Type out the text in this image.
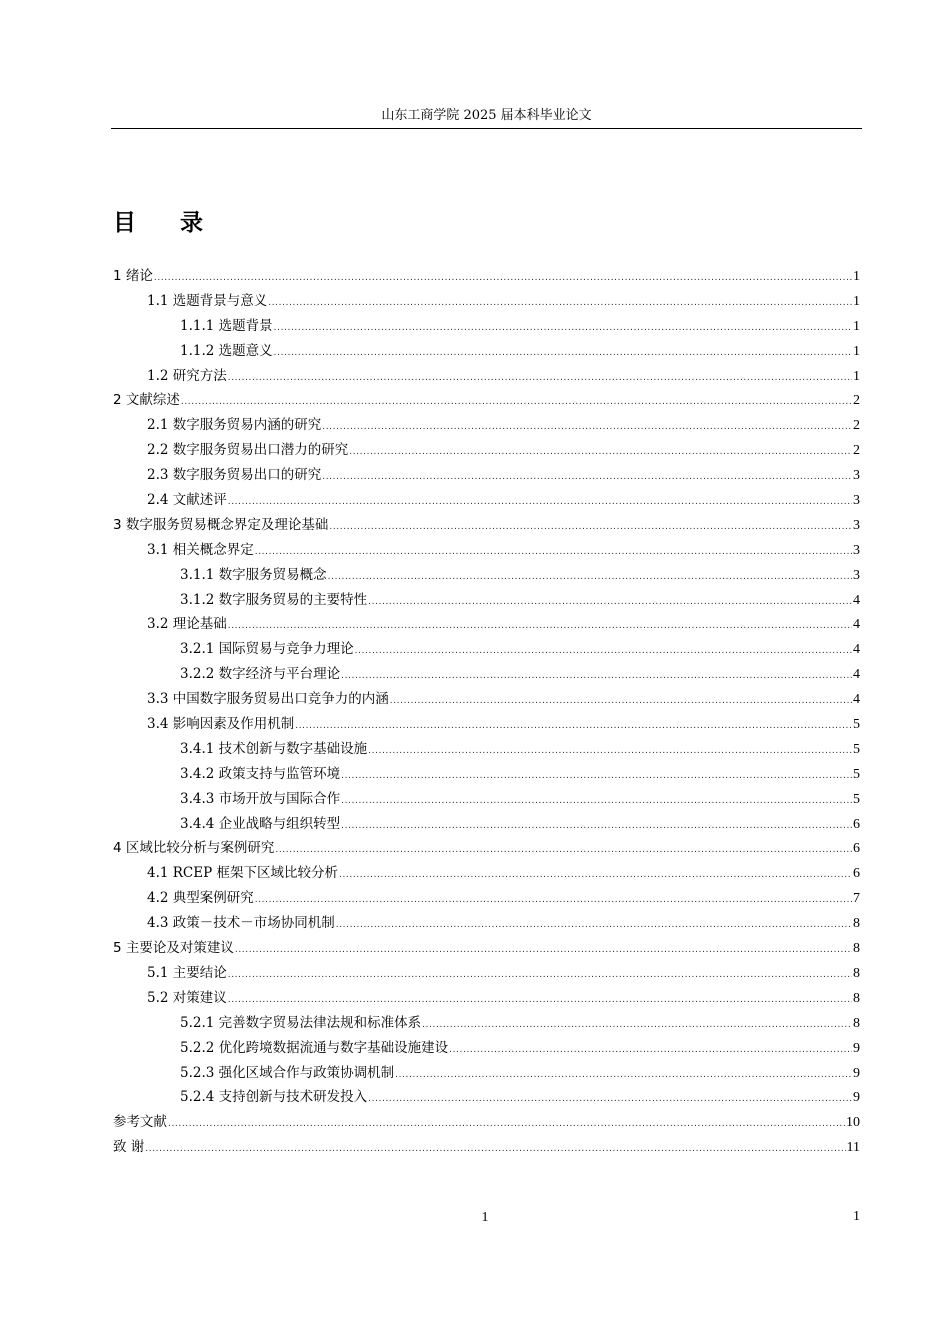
山东工商学院 2025 届本科毕业论文
目 录
1 绪论 .....	1
1.1 选题背景与意义 .....	1
1.1.1 选题背景 .....	1
1.1.2 选题意义 .....	1
1.2 研究方法 .....	1
2 文献综述 .....	2
2.1 数字服务贸易内涵的研究 .....	2
2.2 数字服务贸易出口潜力的研究 .....	2
2.3 数字服务贸易出口的研究 .....	3
2.4 文献述评 .....	3
3 数字服务贸易概念界定及理论基础 .....	3
3.1 相关概念界定 .....	3
3.1.1 数字服务贸易概念 .....	3
3.1.2 数字服务贸易的主要特性 .....	4
3.2 理论基础 .....	4
3.2.1 国际贸易与竞争力理论 .....	4
3.2.2 数字经济与平台理论 .....	4
3.3 中国数字服务贸易出口竞争力的内涵 .....	4
3.4 影响因素及作用机制 .....	5
3.4.1 技术创新与数字基础设施 .....	5
3.4.2 政策支持与监管环境 .....	5
3.4.3 市场开放与国际合作 .....	5
3.4.4 企业战略与组织转型 .....	6
4 区域比较分析与案例研究 .....	6
4.1 RCEP 框架下区域比较分析 .....	6
4.2 典型案例研究 .....	7
4.3 政策－技术－市场协同机制 .....	8
5 主要论及对策建议 .....	8
5.1 主要结论 .....	8
5.2 对策建议 .....	8
5.2.1 完善数字贸易法律法规和标准体系 .....	8
5.2.2 优化跨境数据流通与数字基础设施建设 .....	9
5.2.3 强化区域合作与政策协调机制 .....	9
5.2.4 支持创新与技术研发投入 .....	9
参考文献 .....	10
致 谢 .....	11
1	1
